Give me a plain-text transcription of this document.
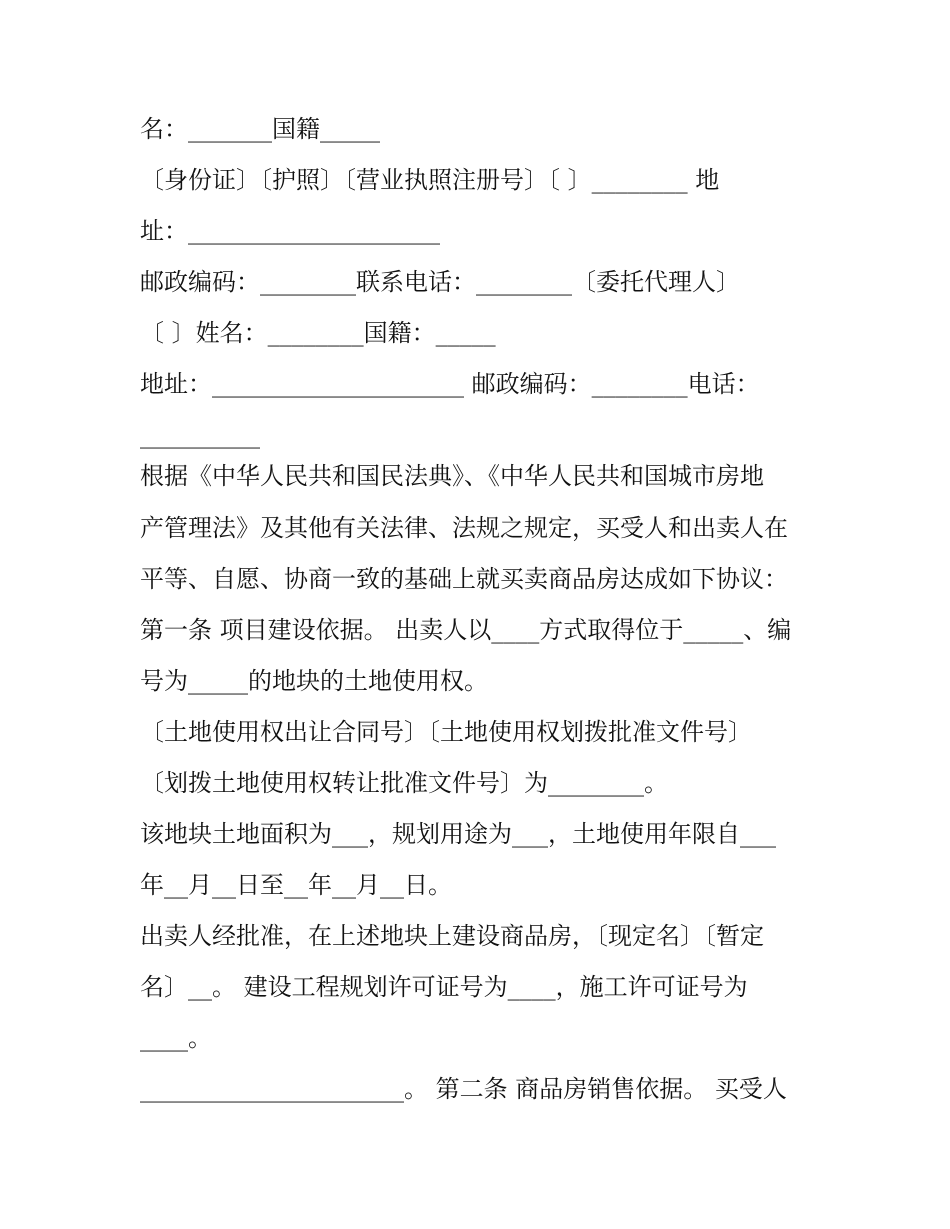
名：_______国籍_____
〔身份证〕〔护照〕〔营业执照注册号〕〔 〕________ 地
址：_____________________
邮政编码：________联系电话：________〔委托代理人〕
〔 〕姓名：________国籍：_____
地址：_____________________ 邮政编码：________电话：
__________
根据《中华人民共和国民法典》、《中华人民共和国城市房地
产管理法》及其他有关法律、法规之规定，买受人和出卖人在
平等、自愿、协商一致的基础上就买卖商品房达成如下协议：
第一条 项目建设依据。 出卖人以____方式取得位于_____、编
号为_____的地块的土地使用权。
〔土地使用权出让合同号〕〔土地使用权划拨批准文件号〕
〔划拨土地使用权转让批准文件号〕为________。
该地块土地面积为___，规划用途为___，土地使用年限自___
年__月__日至__年__月__日。
出卖人经批准，在上述地块上建设商品房，〔现定名〕〔暂定
名〕__。 建设工程规划许可证号为____，施工许可证号为
____。
______________________。 第二条 商品房销售依据。 买受人
